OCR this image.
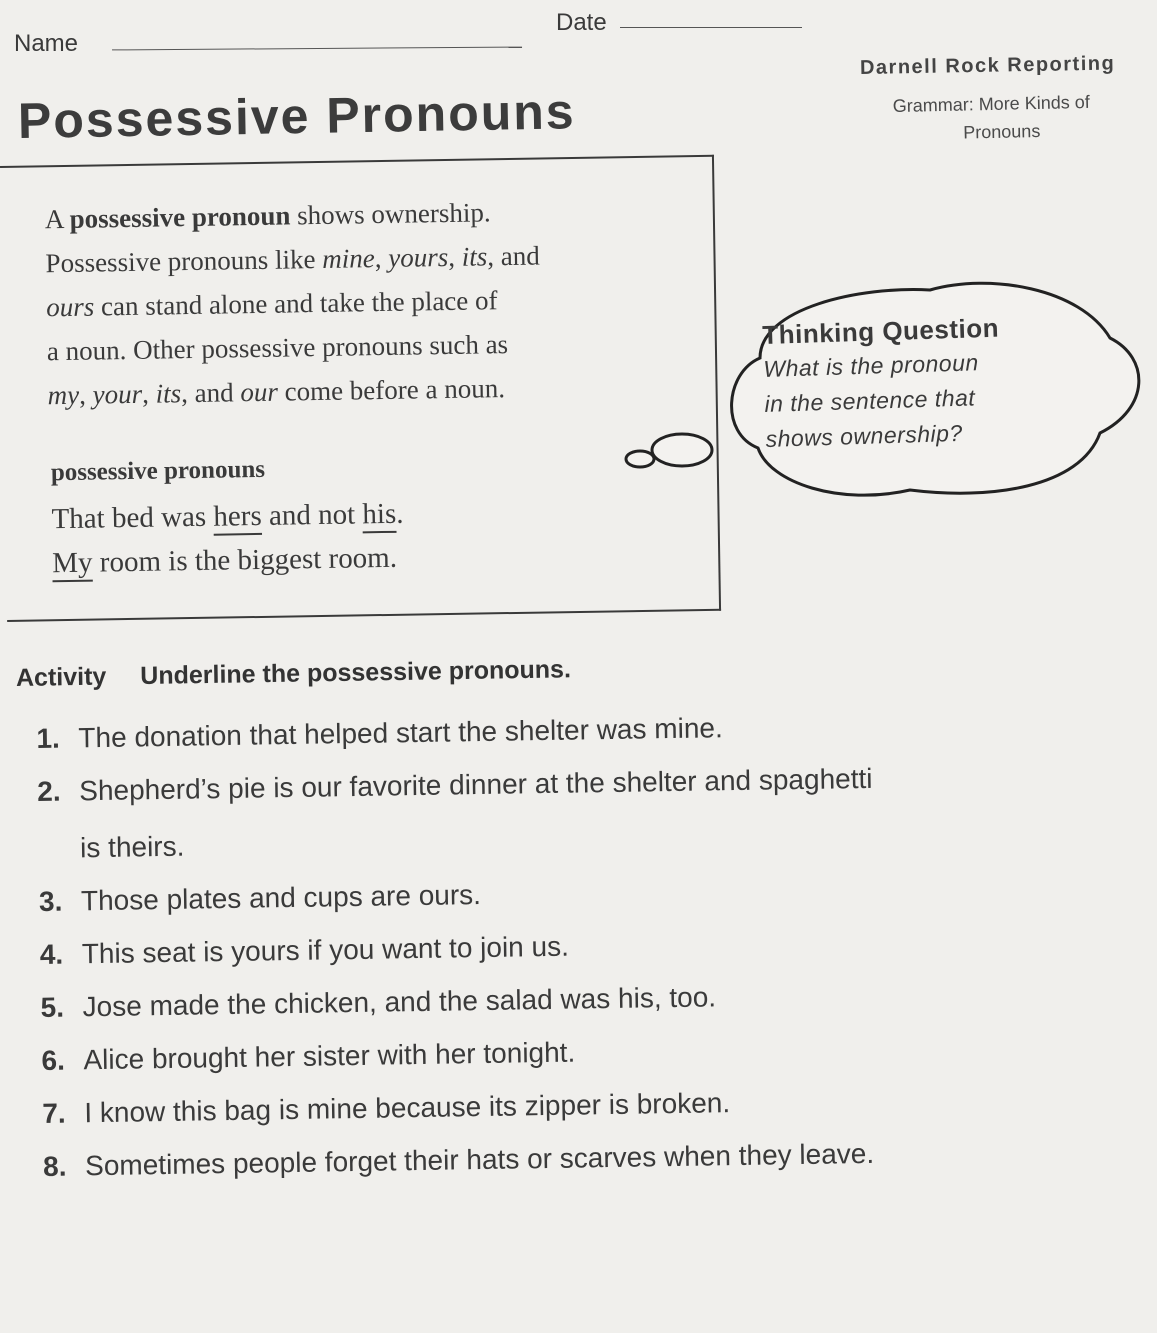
Name
Date
Darnell Rock Reporting
Grammar: More Kinds of
Pronouns
Possessive Pronouns
A possessive pronoun shows ownership.
Possessive pronouns like mine, yours, its, and
ours can stand alone and take the place of
a noun. Other possessive pronouns such as
my, your, its, and our come before a noun.
possessive pronouns
That bed was hers and not his.
My room is the biggest room.
Thinking Question
What is the pronoun
in the sentence that
shows ownership?
Activity Underline the possessive pronouns.
1. The donation that helped start the shelter was mine.
2. Shepherd’s pie is our favorite dinner at the shelter and spaghetti
is theirs.
3. Those plates and cups are ours.
4. This seat is yours if you want to join us.
5. Jose made the chicken, and the salad was his, too.
6. Alice brought her sister with her tonight.
7. I know this bag is mine because its zipper is broken.
8. Sometimes people forget their hats or scarves when they leave.
